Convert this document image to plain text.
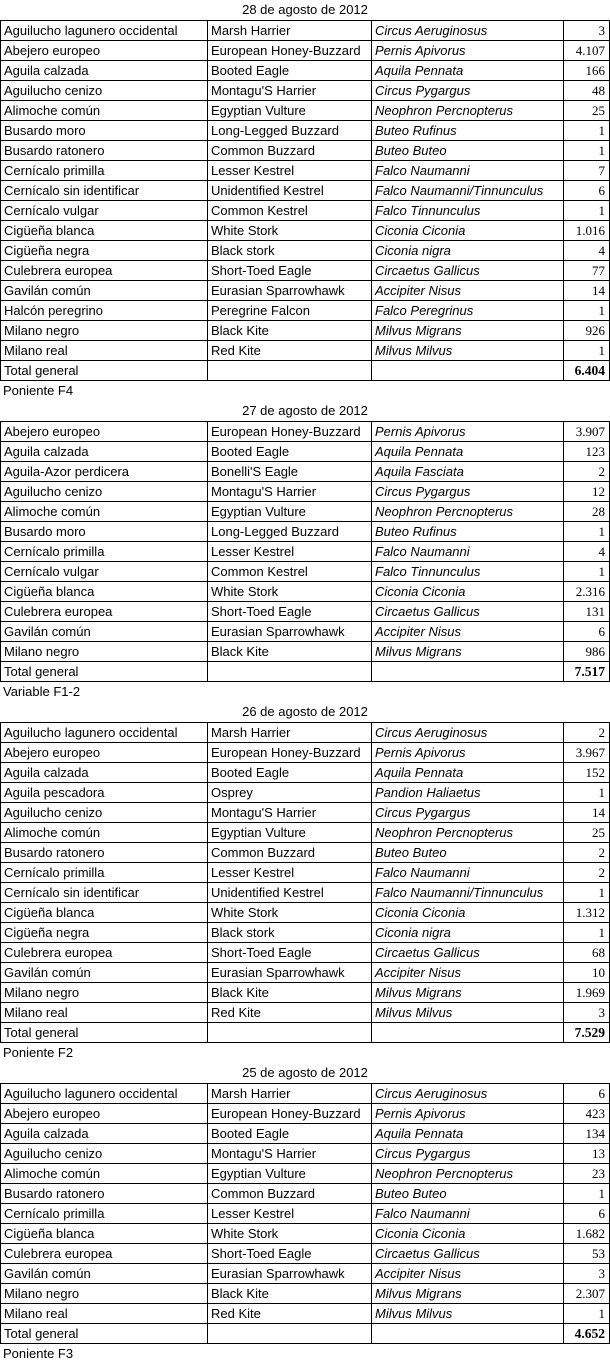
28 de agosto de 2012
Aguilucho lagunero occidental	Marsh Harrier	Circus Aeruginosus	3
Abejero europeo	European Honey-Buzzard	Pernis Apivorus	4.107
Aguila calzada	Booted Eagle	Aquila Pennata	166
Aguilucho cenizo	Montagu'S Harrier	Circus Pygargus	48
Alimoche común	Egyptian Vulture	Neophron Percnopterus	25
Busardo moro	Long-Legged Buzzard	Buteo Rufinus	1
Busardo ratonero	Common Buzzard	Buteo Buteo	1
Cernícalo primilla	Lesser Kestrel	Falco Naumanni	7
Cernícalo sin identificar	Unidentified Kestrel	Falco Naumanni/Tinnunculus	6
Cernícalo vulgar	Common Kestrel	Falco Tinnunculus	1
Cigüeña blanca	White Stork	Ciconia Ciconia	1.016
Cigüeña negra	Black stork	Ciconia nigra	4
Culebrera europea	Short-Toed Eagle	Circaetus Gallicus	77
Gavilán común	Eurasian Sparrowhawk	Accipiter Nisus	14
Halcón peregrino	Peregrine Falcon	Falco Peregrinus	1
Milano negro	Black Kite	Milvus Migrans	926
Milano real	Red Kite	Milvus Milvus	1
Total general			6.404
Poniente F4
27 de agosto de 2012
Abejero europeo	European Honey-Buzzard	Pernis Apivorus	3.907
Aguila calzada	Booted Eagle	Aquila Pennata	123
Aguila-Azor perdicera	Bonelli'S Eagle	Aquila Fasciata	2
Aguilucho cenizo	Montagu'S Harrier	Circus Pygargus	12
Alimoche común	Egyptian Vulture	Neophron Percnopterus	28
Busardo moro	Long-Legged Buzzard	Buteo Rufinus	1
Cernícalo primilla	Lesser Kestrel	Falco Naumanni	4
Cernícalo vulgar	Common Kestrel	Falco Tinnunculus	1
Cigüeña blanca	White Stork	Ciconia Ciconia	2.316
Culebrera europea	Short-Toed Eagle	Circaetus Gallicus	131
Gavilán común	Eurasian Sparrowhawk	Accipiter Nisus	6
Milano negro	Black Kite	Milvus Migrans	986
Total general			7.517
Variable F1-2
26 de agosto de 2012
Aguilucho lagunero occidental	Marsh Harrier	Circus Aeruginosus	2
Abejero europeo	European Honey-Buzzard	Pernis Apivorus	3.967
Aguila calzada	Booted Eagle	Aquila Pennata	152
Aguila pescadora	Osprey	Pandion Haliaetus	1
Aguilucho cenizo	Montagu'S Harrier	Circus Pygargus	14
Alimoche común	Egyptian Vulture	Neophron Percnopterus	25
Busardo ratonero	Common Buzzard	Buteo Buteo	2
Cernícalo primilla	Lesser Kestrel	Falco Naumanni	2
Cernícalo sin identificar	Unidentified Kestrel	Falco Naumanni/Tinnunculus	1
Cigüeña blanca	White Stork	Ciconia Ciconia	1.312
Cigüeña negra	Black stork	Ciconia nigra	1
Culebrera europea	Short-Toed Eagle	Circaetus Gallicus	68
Gavilán común	Eurasian Sparrowhawk	Accipiter Nisus	10
Milano negro	Black Kite	Milvus Migrans	1.969
Milano real	Red Kite	Milvus Milvus	3
Total general			7.529
Poniente F2
25 de agosto de 2012
Aguilucho lagunero occidental	Marsh Harrier	Circus Aeruginosus	6
Abejero europeo	European Honey-Buzzard	Pernis Apivorus	423
Aguila calzada	Booted Eagle	Aquila Pennata	134
Aguilucho cenizo	Montagu'S Harrier	Circus Pygargus	13
Alimoche común	Egyptian Vulture	Neophron Percnopterus	23
Busardo ratonero	Common Buzzard	Buteo Buteo	1
Cernícalo primilla	Lesser Kestrel	Falco Naumanni	6
Cigüeña blanca	White Stork	Ciconia Ciconia	1.682
Culebrera europea	Short-Toed Eagle	Circaetus Gallicus	53
Gavilán común	Eurasian Sparrowhawk	Accipiter Nisus	3
Milano negro	Black Kite	Milvus Migrans	2.307
Milano real	Red Kite	Milvus Milvus	1
Total general			4.652
Poniente F3
